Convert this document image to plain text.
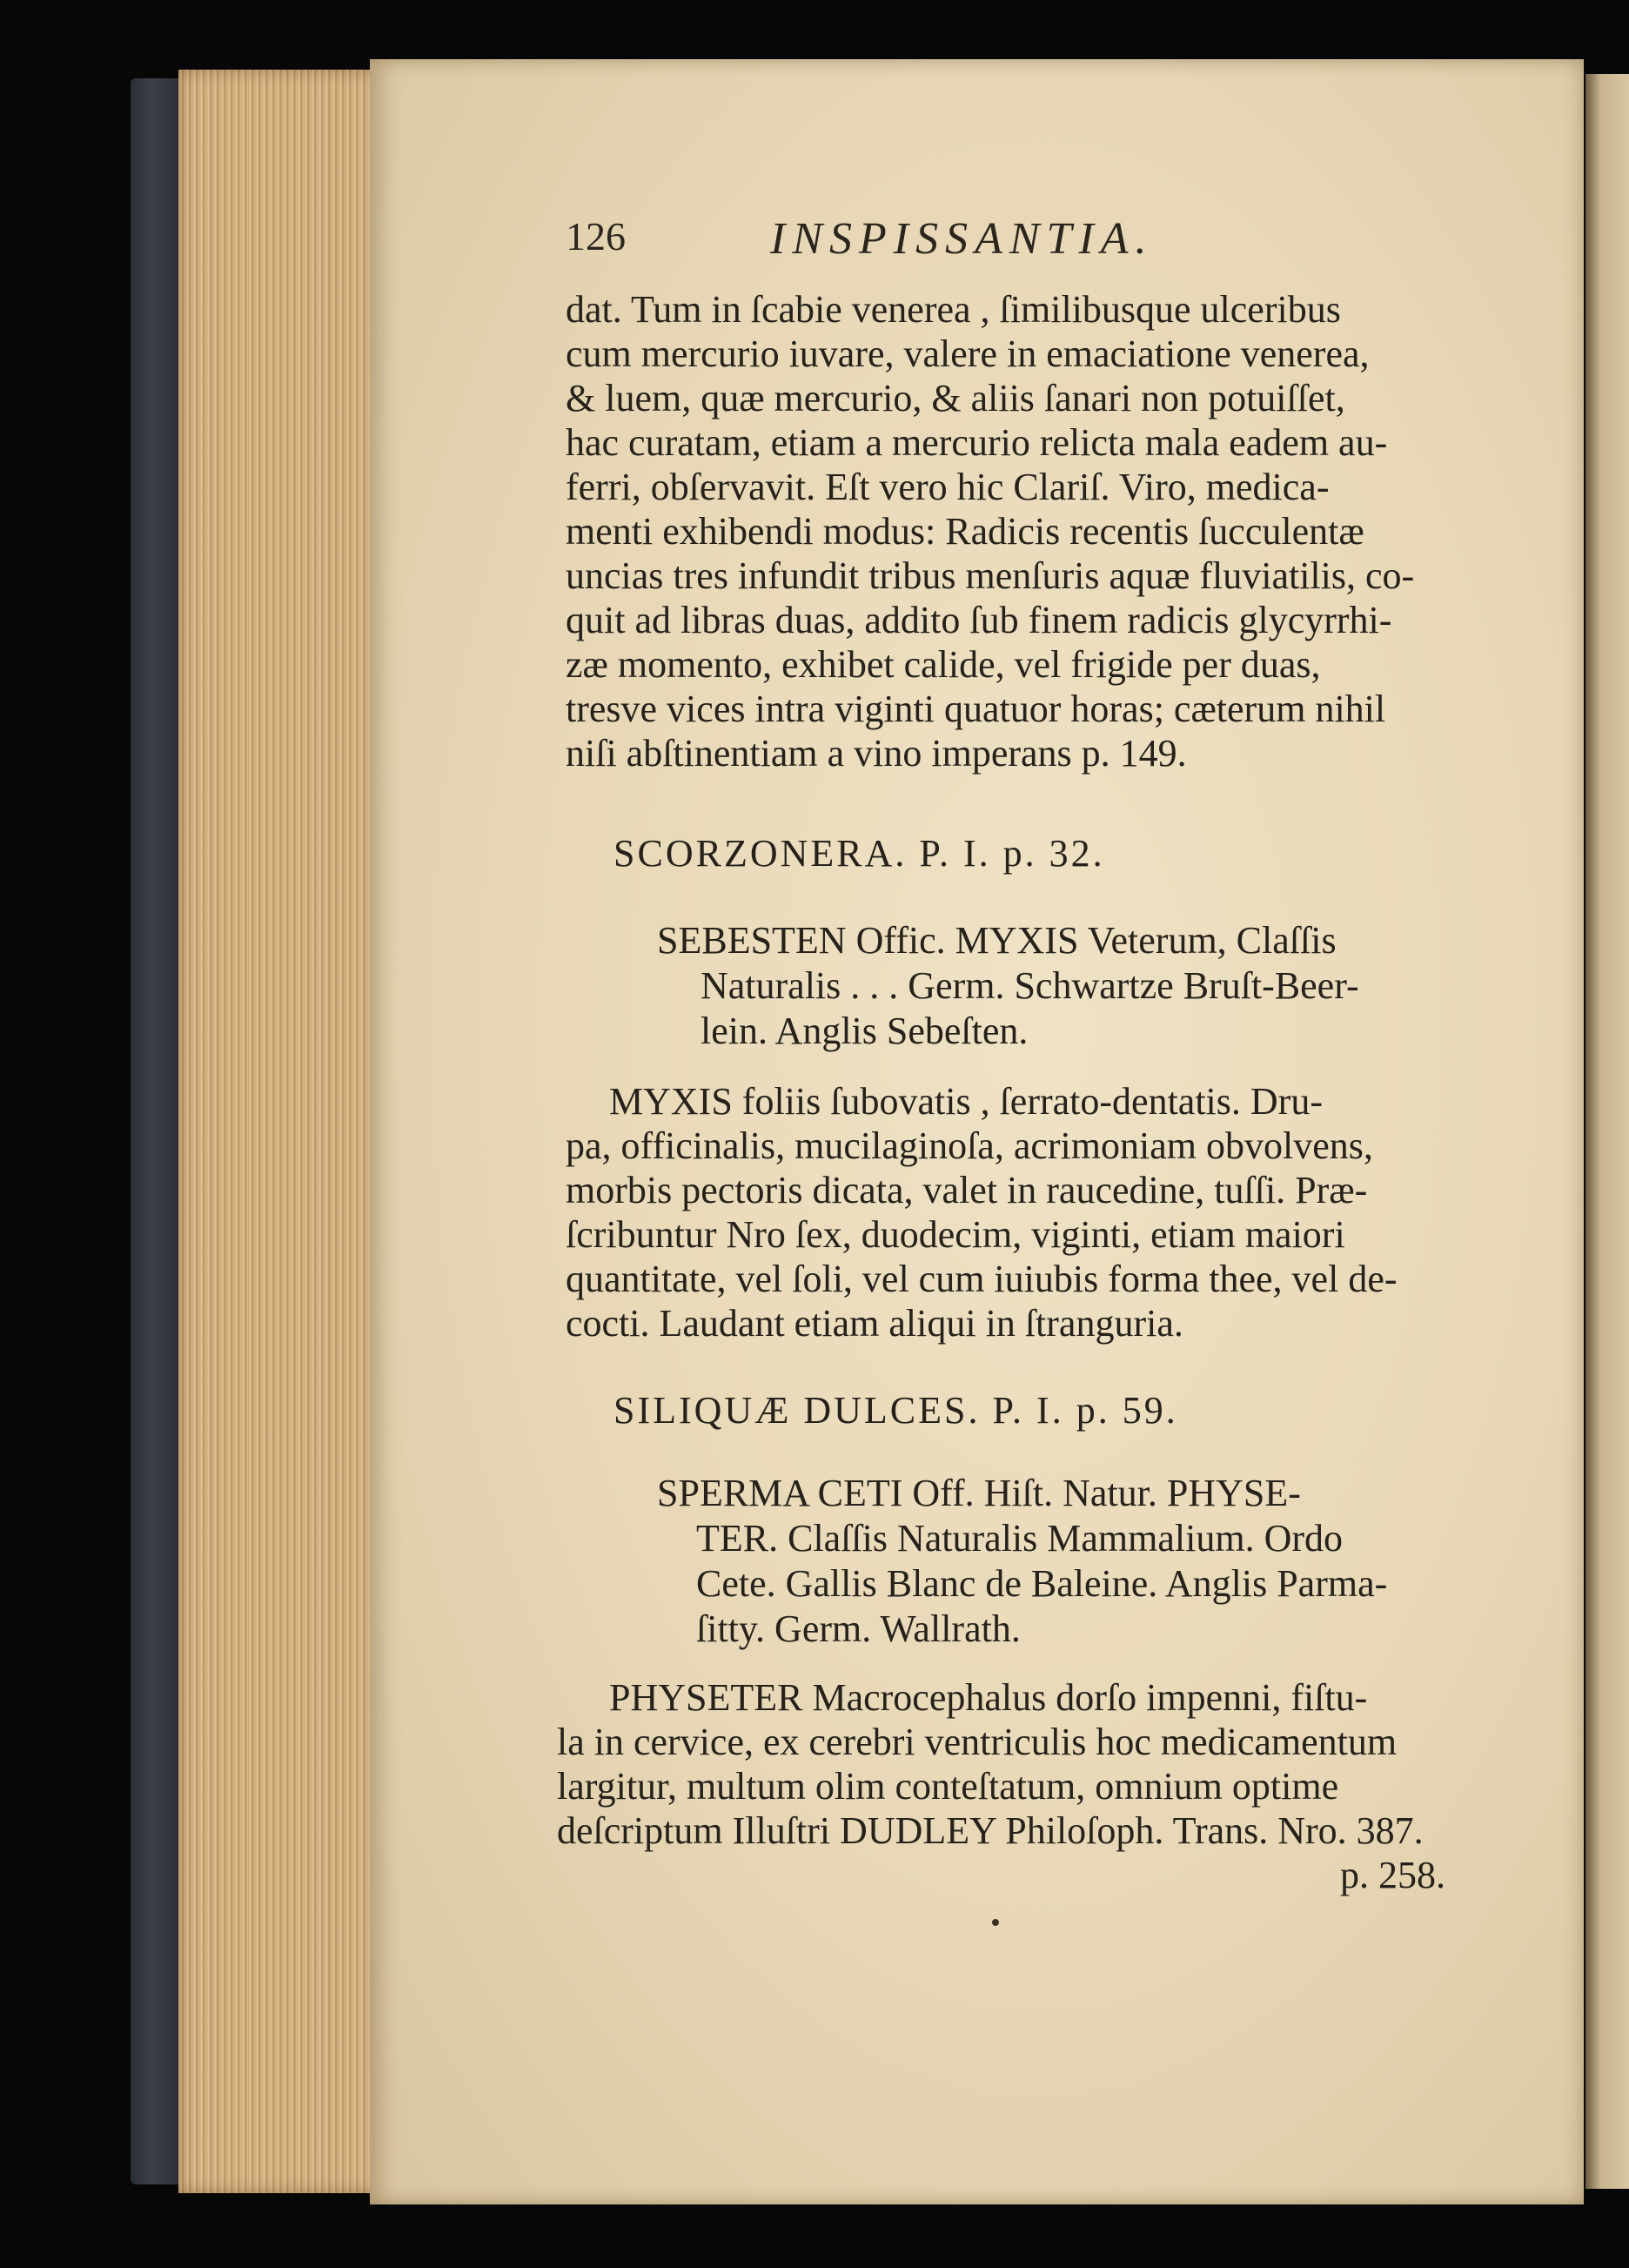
126	INSPISSANTIA.
dat. Tum in ſcabie venerea , ſimilibusque ulceribus
cum mercurio iuvare, valere in emaciatione venerea,
& luem, quæ mercurio, & aliis ſanari non potuiſſet,
hac curatam, etiam a mercurio relicta mala eadem au-
ferri, obſervavit. Eſt vero hic Clariſ. Viro, medica-
menti exhibendi modus: Radicis recentis ſucculentæ
uncias tres infundit tribus menſuris aquæ fluviatilis, co-
quit ad libras duas, addito ſub finem radicis glycyrrhi-
zæ momento, exhibet calide, vel frigide per duas,
tresve vices intra viginti quatuor horas; cæterum nihil
niſi abſtinentiam a vino imperans p. 149.
SCORZONERA. P. I. p. 32.
SEBESTEN Offic. MYXIS Veterum, Claſſis
Naturalis . . . Germ. Schwartze Bruſt-Beer-
lein. Anglis Sebeſten.
MYXIS foliis ſubovatis , ſerrato-dentatis. Dru-
pa, officinalis, mucilaginoſa, acrimoniam obvolvens,
morbis pectoris dicata, valet in raucedine, tuſſi. Præ-
ſcribuntur Nro ſex, duodecim, viginti, etiam maiori
quantitate, vel ſoli, vel cum iuiubis forma thee, vel de-
cocti. Laudant etiam aliqui in ſtranguria.
SILIQUÆ DULCES. P. I. p. 59.
SPERMA CETI Off. Hiſt. Natur. PHYSE-
TER. Claſſis Naturalis Mammalium. Ordo
Cete. Gallis Blanc de Baleine. Anglis Parma-
ſitty. Germ. Wallrath.
PHYSETER Macrocephalus dorſo impenni, fiſtu-
la in cervice, ex cerebri ventriculis hoc medicamentum
largitur, multum olim conteſtatum, omnium optime
deſcriptum Illuſtri DUDLEY Philoſoph. Trans. Nro. 387.
p. 258.
